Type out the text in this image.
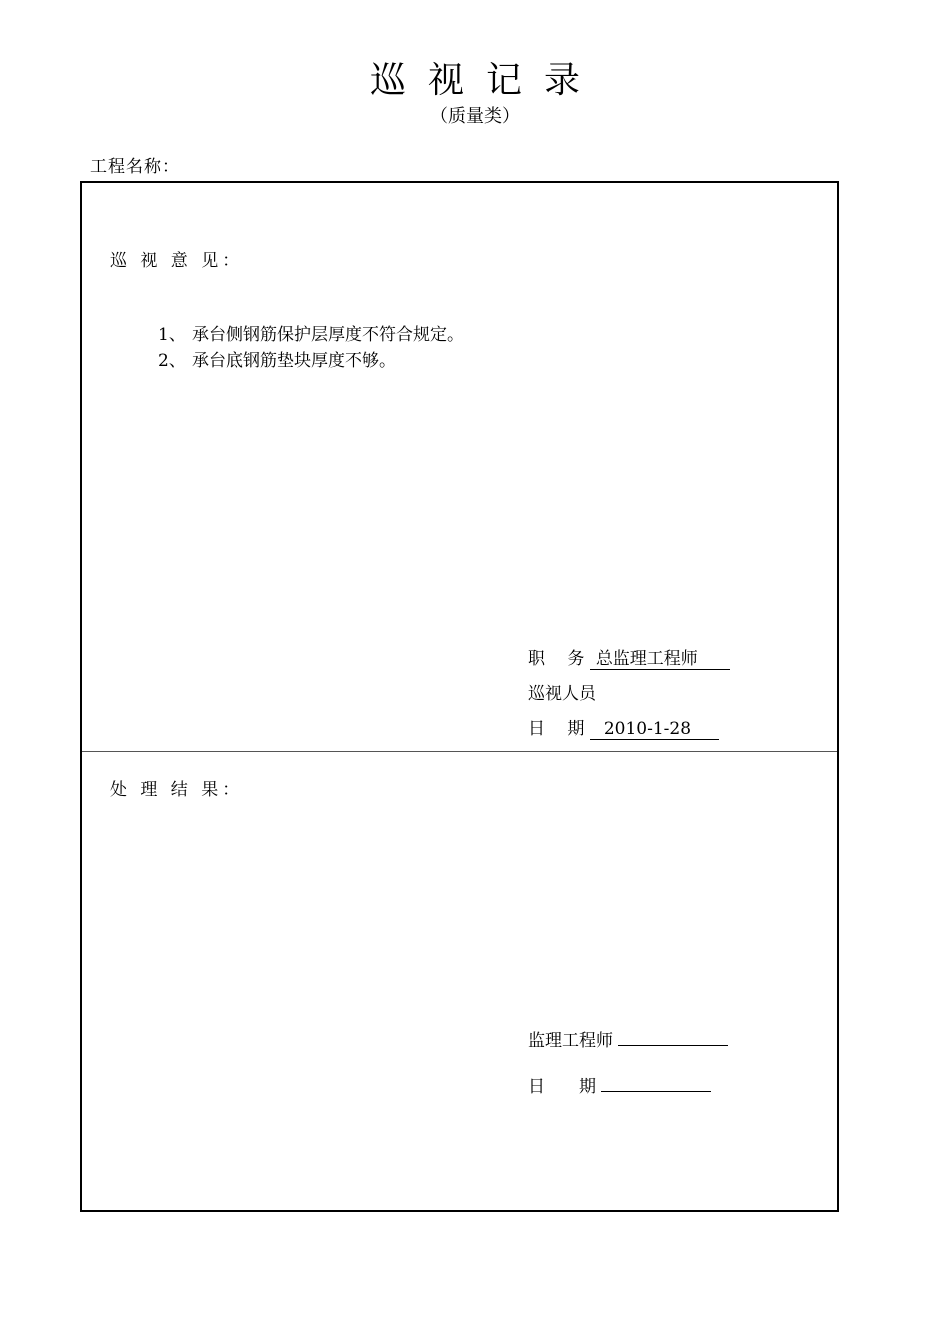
巡视记录
（质量类）
工程名称：
巡 视 意 见：
1、 承台侧钢筋保护层厚度不符合规定。
2、 承台底钢筋垫块厚度不够。
职　 务 总监理工程师
巡视人员
日　 期 2010-1-28
处 理 结 果：
监理工程师
日　　期
